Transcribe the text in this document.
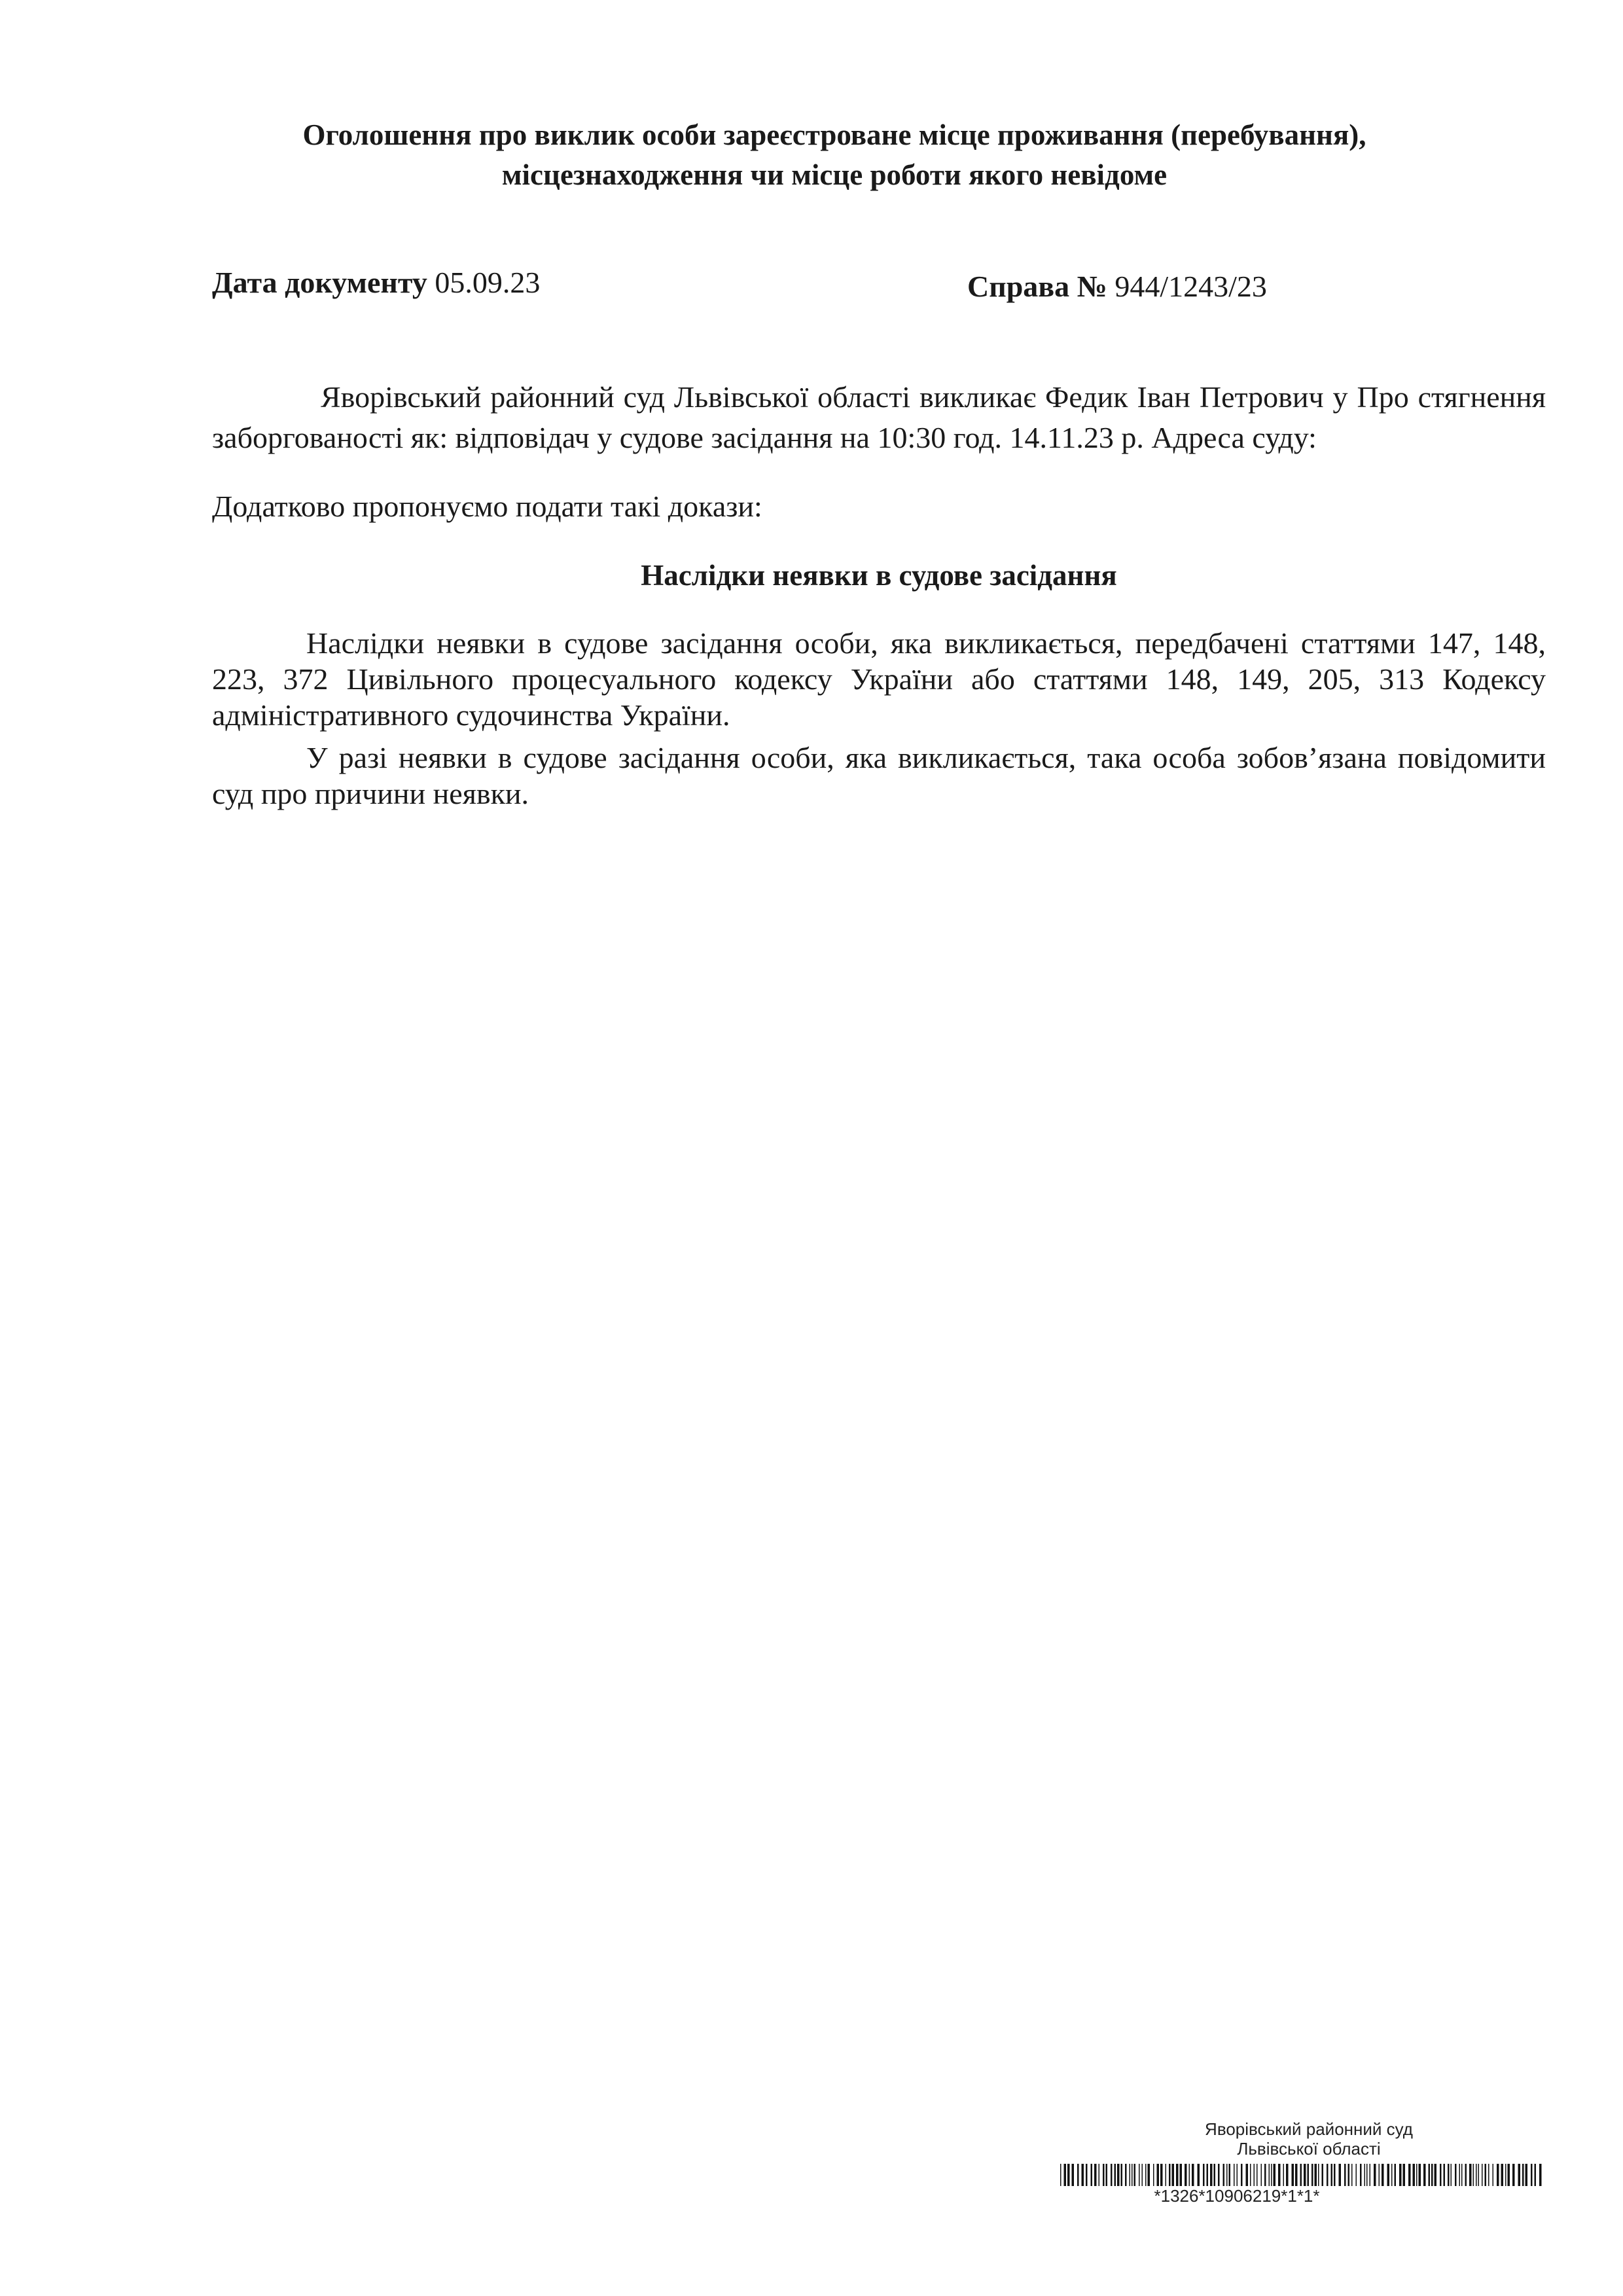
Оголошення про виклик особи зареєстроване місце проживання (перебування),
місцезнаходження чи місце роботи якого невідоме
Дата документу 05.09.23	Справа № 944/1243/23

Яворівський районний суд Львівської області викликає Федик Іван Петрович у Про стягнення заборгованості як: відповідач у судове засідання на 10:30 год. 14.11.23 р. Адреса суду:

Додатково пропонуємо подати такі докази:

Наслідки неявки в судове засідання

Наслідки неявки в судове засідання особи, яка викликається, передбачені статтями 147, 148, 223, 372 Цивільного процесуального кодексу України або статтями 148, 149, 205, 313 Кодексу адміністративного судочинства України.

У разі неявки в судове засідання особи, яка викликається, така особа зобов’язана повідомити суд про причини неявки.

Яворівський районний суд
Львівської області
*1326*10906219*1*1*
